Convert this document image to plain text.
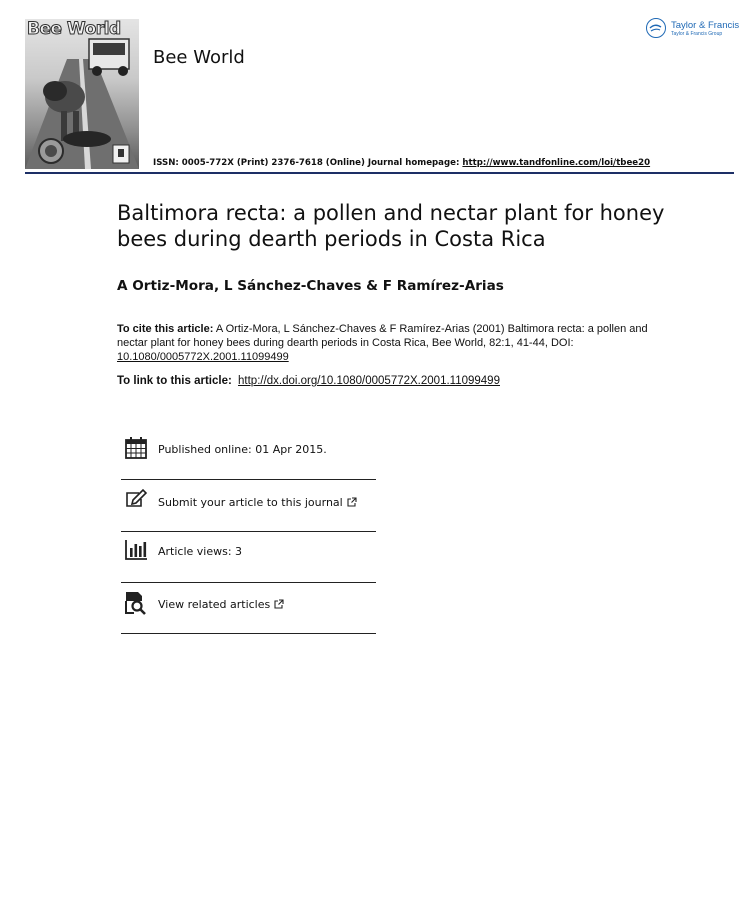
Bee World
Bee World
Taylor & Francis
Taylor & Francis Group
ISSN: 0005-772X (Print) 2376-7618 (Online) Journal homepage: http://www.tandfonline.com/loi/tbee20
Baltimora recta: a pollen and nectar plant for honey bees during dearth periods in Costa Rica
A Ortiz-Mora, L Sánchez-Chaves & F Ramírez-Arias
To cite this article: A Ortiz-Mora, L Sánchez-Chaves & F Ramírez-Arias (2001) Baltimora recta: a pollen and nectar plant for honey bees during dearth periods in Costa Rica, Bee World, 82:1, 41-44, DOI: 10.1080/0005772X.2001.11099499
To link to this article: http://dx.doi.org/10.1080/0005772X.2001.11099499
Published online: 01 Apr 2015.
Submit your article to this journal
Article views: 3
View related articles
